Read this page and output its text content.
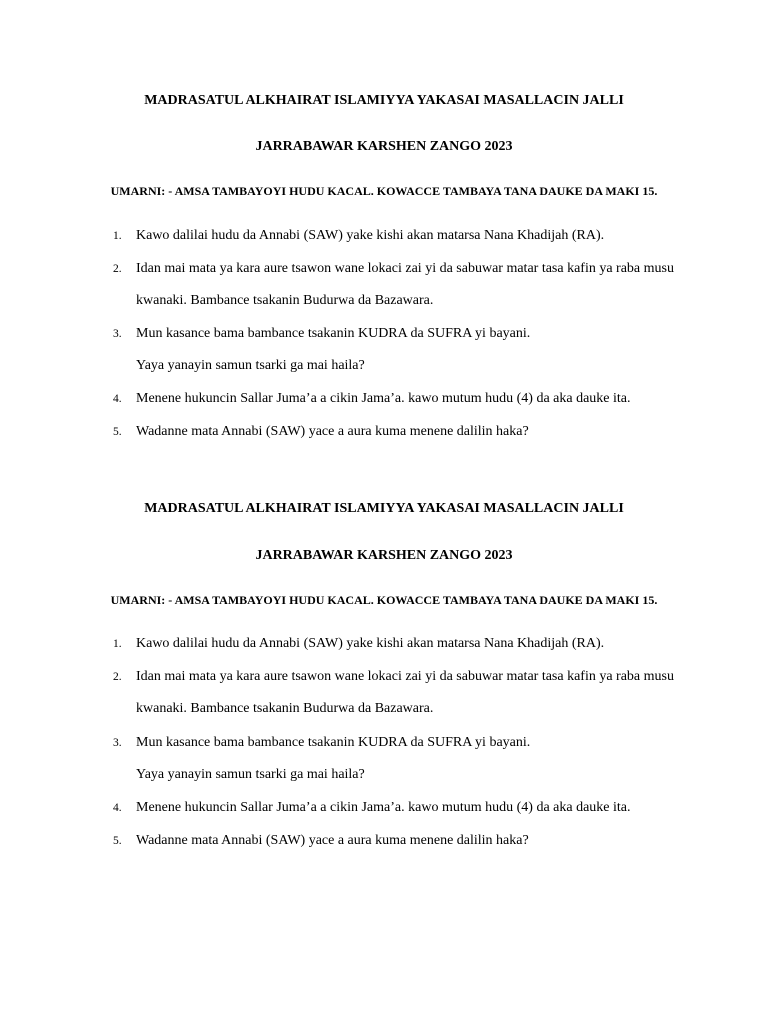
MADRASATUL ALKHAIRAT ISLAMIYYA YAKASAI MASALLACIN JALLI
JARRABAWAR KARSHEN ZANGO 2023
UMARNI: - AMSA TAMBAYOYI HUDU KACAL. KOWACCE TAMBAYA TANA DAUKE DA MAKI 15.
1.	Kawo dalilai hudu da Annabi (SAW) yake kishi akan matarsa Nana Khadijah (RA).
2.	Idan mai mata ya kara aure tsawon wane lokaci zai yi da sabuwar matar tasa kafin ya raba musu
kwanaki. Bambance tsakanin Budurwa da Bazawara.
3.	Mun kasance bama bambance tsakanin KUDRA da SUFRA yi bayani.
Yaya yanayin samun tsarki ga mai haila?
4.	Menene hukuncin Sallar Juma’a a cikin Jama’a. kawo mutum hudu (4) da aka dauke ita.
5.	Wadanne mata Annabi (SAW) yace a aura kuma menene dalilin haka?
MADRASATUL ALKHAIRAT ISLAMIYYA YAKASAI MASALLACIN JALLI
JARRABAWAR KARSHEN ZANGO 2023
UMARNI: - AMSA TAMBAYOYI HUDU KACAL. KOWACCE TAMBAYA TANA DAUKE DA MAKI 15.
1.	Kawo dalilai hudu da Annabi (SAW) yake kishi akan matarsa Nana Khadijah (RA).
2.	Idan mai mata ya kara aure tsawon wane lokaci zai yi da sabuwar matar tasa kafin ya raba musu
kwanaki. Bambance tsakanin Budurwa da Bazawara.
3.	Mun kasance bama bambance tsakanin KUDRA da SUFRA yi bayani.
Yaya yanayin samun tsarki ga mai haila?
4.	Menene hukuncin Sallar Juma’a a cikin Jama’a. kawo mutum hudu (4) da aka dauke ita.
5.	Wadanne mata Annabi (SAW) yace a aura kuma menene dalilin haka?
